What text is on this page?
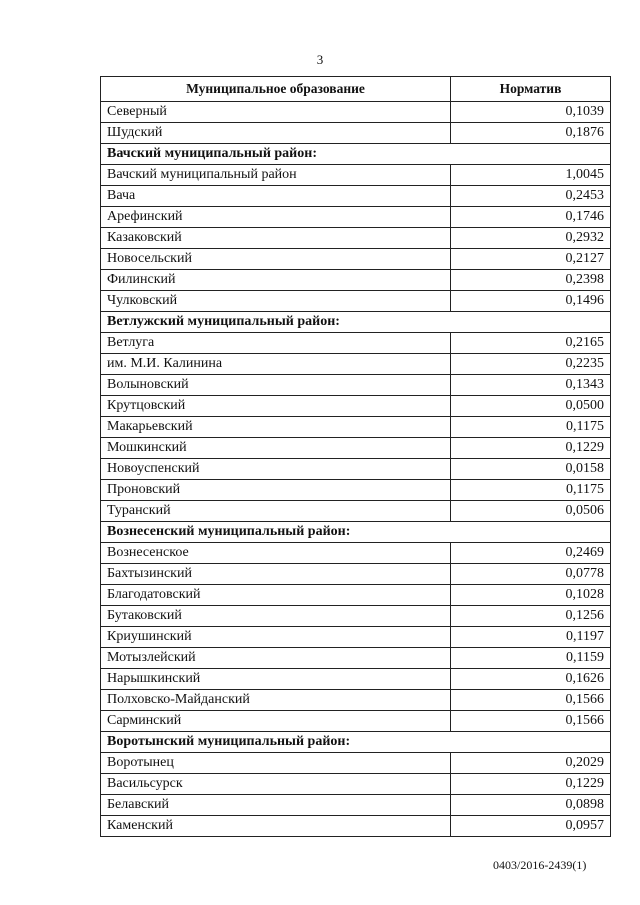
3
Муниципальное образование	Норматив
Северный	0,1039
Шудский	0,1876
Вачский муниципальный район:	
Вачский муниципальный район	1,0045
Вача	0,2453
Арефинский	0,1746
Казаковский	0,2932
Новосельский	0,2127
Филинский	0,2398
Чулковский	0,1496
Ветлужский муниципальный район:	
Ветлуга	0,2165
им. М.И. Калинина	0,2235
Волыновский	0,1343
Крутцовский	0,0500
Макарьевский	0,1175
Мошкинский	0,1229
Новоуспенский	0,0158
Проновский	0,1175
Туранский	0,0506
Вознесенский муниципальный район:	
Вознесенское	0,2469
Бахтызинский	0,0778
Благодатовский	0,1028
Бутаковский	0,1256
Криушинский	0,1197
Мотызлейский	0,1159
Нарышкинский	0,1626
Полховско-Майданский	0,1566
Сарминский	0,1566
Воротынский муниципальный район:	
Воротынец	0,2029
Васильсурск	0,1229
Белавский	0,0898
Каменский	0,0957
0403/2016-2439(1)
